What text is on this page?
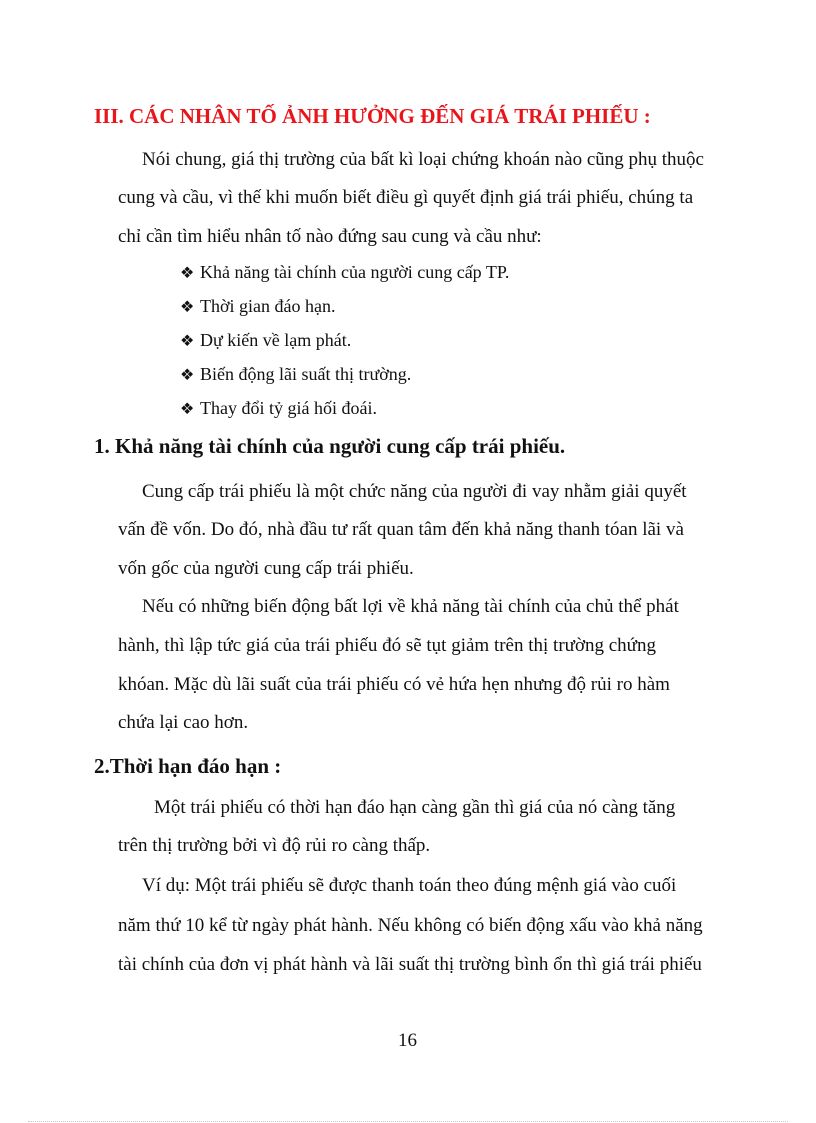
III. CÁC NHÂN TỐ ẢNH HƯỞNG ĐẾN GIÁ TRÁI PHIẾU :
Nói chung, giá thị trường của bất kì loại chứng khoán nào cũng phụ thuộc
cung và cầu, vì thế khi muốn biết điều gì quyết định giá trái phiếu, chúng ta
chỉ cần tìm hiểu nhân tố nào đứng sau cung và cầu như:
❖ Khả năng tài chính của người cung cấp TP.
❖ Thời gian đáo hạn.
❖ Dự kiến về lạm phát.
❖ Biến động lãi suất thị trường.
❖ Thay đổi tỷ giá hối đoái.
1. Khả năng tài chính của người cung cấp trái phiếu.
Cung cấp trái phiếu là một chức năng của người đi vay nhằm giải quyết
vấn đề vốn. Do đó, nhà đầu tư rất quan tâm đến khả năng thanh tóan lãi và
vốn gốc của người cung cấp trái phiếu.
Nếu có những biến động bất lợi về khả năng tài chính của chủ thể phát
hành, thì lập tức giá của trái phiếu đó sẽ tụt giảm trên thị trường chứng
khóan. Mặc dù lãi suất của trái phiếu có vẻ hứa hẹn nhưng độ rủi ro hàm
chứa lại cao hơn.
2.Thời hạn đáo hạn :
Một trái phiếu có thời hạn đáo hạn càng gần thì giá của nó càng tăng
trên thị trường bởi vì độ rủi ro càng thấp.
Ví dụ: Một trái phiếu sẽ được thanh toán theo đúng mệnh giá vào cuối
năm thứ 10 kể từ ngày phát hành. Nếu không có biến động xấu vào khả năng
tài chính của đơn vị phát hành và lãi suất thị trường bình ổn thì giá trái phiếu
16
